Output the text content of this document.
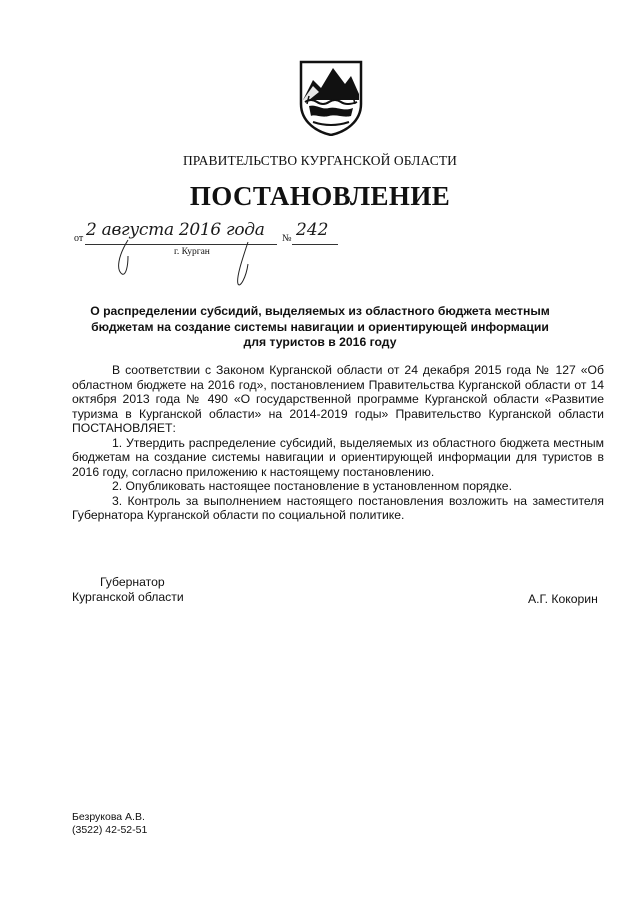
ПРАВИТЕЛЬСТВО КУРГАНСКОЙ ОБЛАСТИ
ПОСТАНОВЛЕНИЕ
от 2 августа 2016 года № 242
г. Курган
О распределении субсидий, выделяемых из областного бюджета местным бюджетам на создание системы навигации и ориентирующей информации для туристов в 2016 году

В соответствии с Законом Курганской области от 24 декабря 2015 года № 127 «Об областном бюджете на 2016 год», постановлением Правительства Курганской области от 14 октября 2013 года № 490 «О государственной программе Курганской области «Развитие туризма в Курганской области» на 2014-2019 годы» Правительство Курганской области ПОСТАНОВЛЯЕТ:

1. Утвердить распределение субсидий, выделяемых из областного бюджета местным бюджетам на создание системы навигации и ориентирующей информации для туристов в 2016 году, согласно приложению к настоящему постановлению.

2. Опубликовать настоящее постановление в установленном порядке.

3. Контроль за выполнением настоящего постановления возложить на заместителя Губернатора Курганской области по социальной политике.

Губернатор
Курганской области	А.Г. Кокорин
Безрукова А.В.
(3522) 42-52-51
